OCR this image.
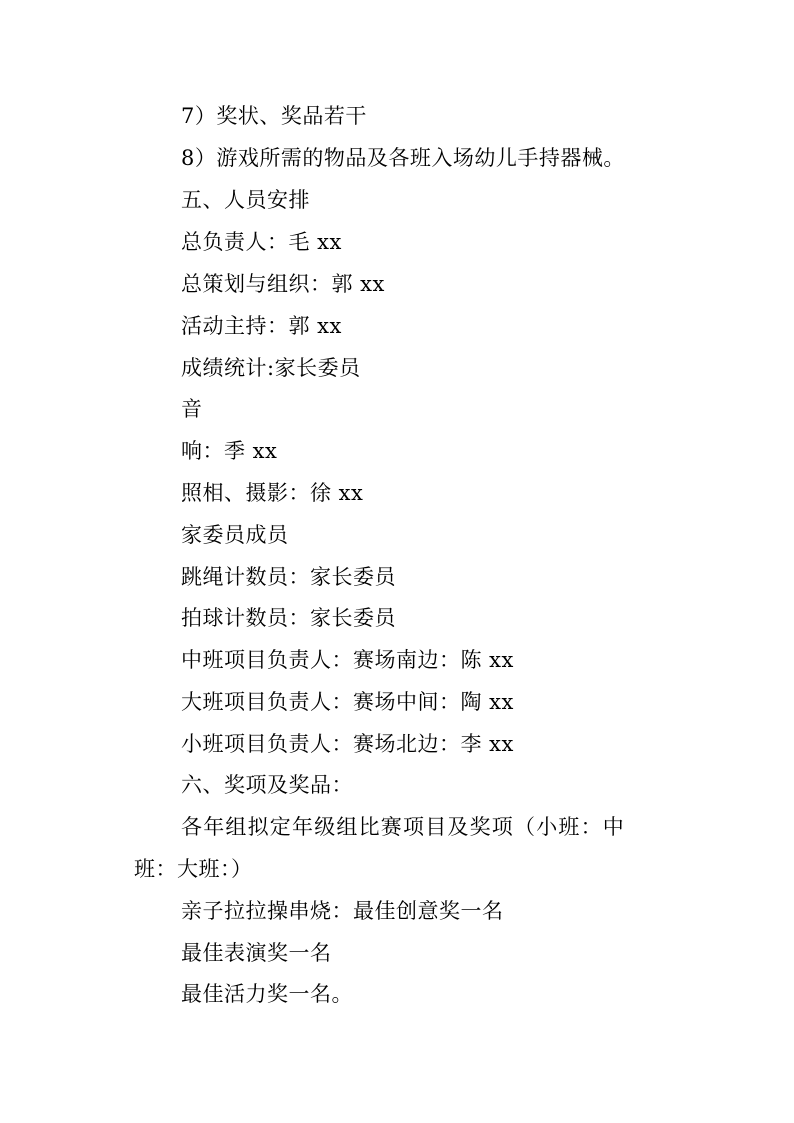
7）奖状、奖品若干
8）游戏所需的物品及各班入场幼儿手持器械。
五、人员安排
总负责人：毛 xx
总策划与组织：郭 xx
活动主持：郭 xx
成绩统计:家长委员
音
响：季 xx
照相、摄影：徐 xx
家委员成员
跳绳计数员：家长委员
拍球计数员：家长委员
中班项目负责人：赛场南边：陈 xx
大班项目负责人：赛场中间：陶 xx
小班项目负责人：赛场北边：李 xx
六、奖项及奖品：
各年组拟定年级组比赛项目及奖项（小班：中
班：大班：）
亲子拉拉操串烧：最佳创意奖一名
最佳表演奖一名
最佳活力奖一名。
